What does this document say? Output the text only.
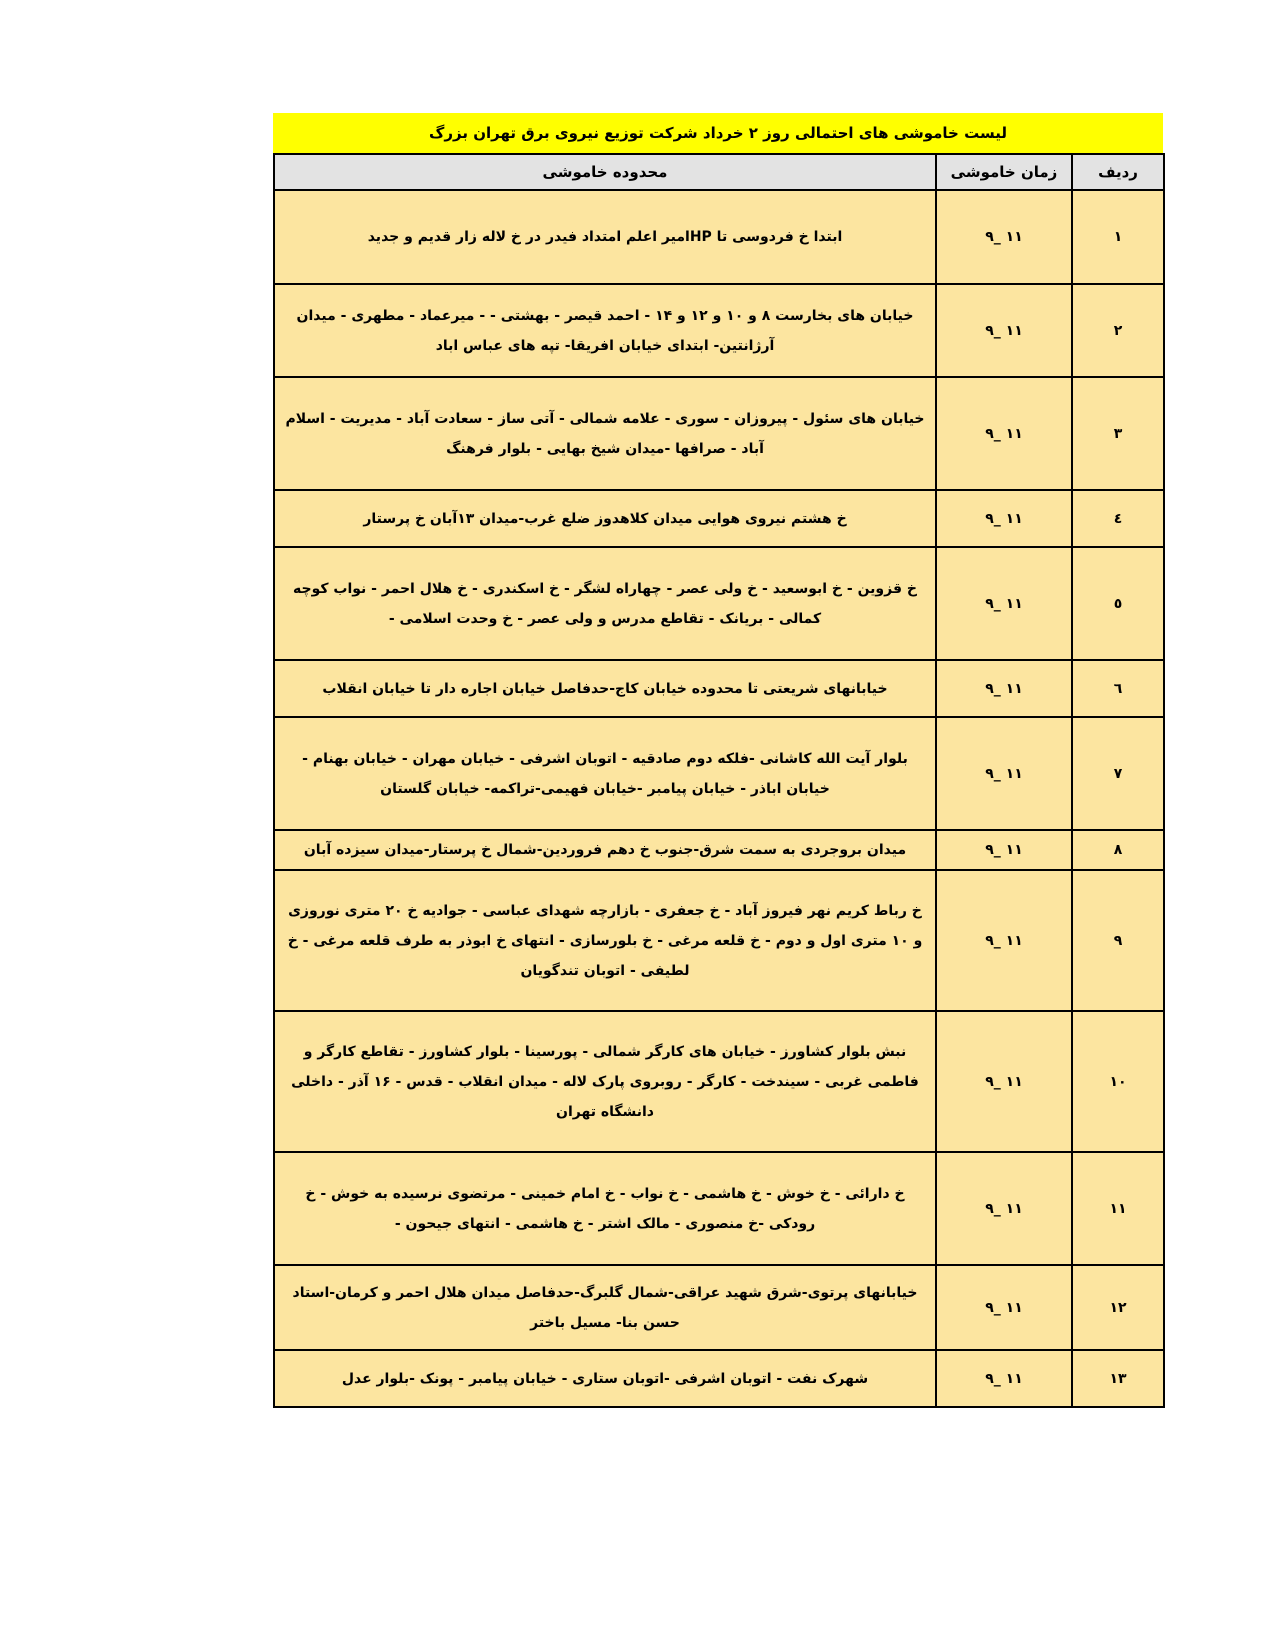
لیست خاموشی های احتمالی روز ۲ خرداد شرکت توزیع نیروی برق تهران بزرگ
ردیف	زمان خاموشی	محدوده خاموشی
۱	۹_ ۱۱	ابتدا خ فردوسی تا HPامیر اعلم امتداد فیدر در خ لاله زار قدیم و جدید
۲	۹_ ۱۱	خیابان های بخارست ۸ و ۱۰ و ۱۲ و ۱۴ - احمد قیصر - بهشتی - - میرعماد - مطهری - میدان آرژانتین- ابتدای خیابان افریقا- تپه های عباس اباد
۳	۹_ ۱۱	خیابان های سئول - پیروزان - سوری - علامه شمالی - آتی ساز - سعادت آباد - مدیریت - اسلام آباد - صرافها -میدان شیخ بهایی - بلوار فرهنگ
٤	۹_ ۱۱	خ هشتم نیروی هوایی میدان کلاهدوز ضلع غرب-میدان ۱۳آبان خ پرستار
٥	۹_ ۱۱	خ قزوین - خ ابوسعید - خ ولی عصر - چهاراه لشگر - خ اسکندری - خ هلال احمر - نواب کوچه کمالی - بریانک - تقاطع مدرس و ولی عصر - خ وحدت اسلامی -
٦	۹_ ۱۱	خیابانهای شریعتی تا محدوده خیابان کاج-حدفاصل خیابان اجاره دار تا خیابان انقلاب
۷	۹_ ۱۱	بلوار آیت الله کاشانی -فلکه دوم صادقیه - اتوبان اشرفی - خیابان مهران - خیابان بهنام - خیابان اباذر - خیابان پیامبر -خیابان فهیمی-تراکمه- خیابان گلستان
۸	۹_ ۱۱	میدان بروجردی به سمت شرق-جنوب خ دهم فروردین-شمال خ پرستار-میدان سیزده آبان
۹	۹_ ۱۱	خ رباط کریم نهر فیروز آباد - خ جعفری - بازارچه شهدای عباسی - جوادیه خ ۲۰ متری نوروزی و ۱۰ متری اول و دوم - خ قلعه مرغی - خ بلورسازی - انتهای خ ابوذر به طرف قلعه مرغی - خ لطیفی - اتوبان تندگویان
۱۰	۹_ ۱۱	نبش بلوار کشاورز - خیابان های کارگر شمالی - پورسینا - بلوار کشاورز - تقاطع کارگر و فاطمی غربی - سیندخت - کارگر - روبروی پارک لاله - میدان انقلاب - قدس - ۱۶ آذر - داخلی دانشگاه تهران
۱۱	۹_ ۱۱	خ دارائی - خ خوش - خ هاشمی - خ نواب - خ امام خمینی - مرتضوی نرسیده به خوش - خ رودکی -خ منصوری - مالک اشتر - خ هاشمی - انتهای جیحون -
۱۲	۹_ ۱۱	خیابانهای پرتوی-شرق شهید عراقی-شمال گلبرگ-حدفاصل میدان هلال احمر و کرمان-استاد حسن بنا- مسیل باختر
۱۳	۹_ ۱۱	شهرک نفت - اتوبان اشرفی -اتوبان ستاری - خیابان پیامبر - پونک -بلوار عدل
